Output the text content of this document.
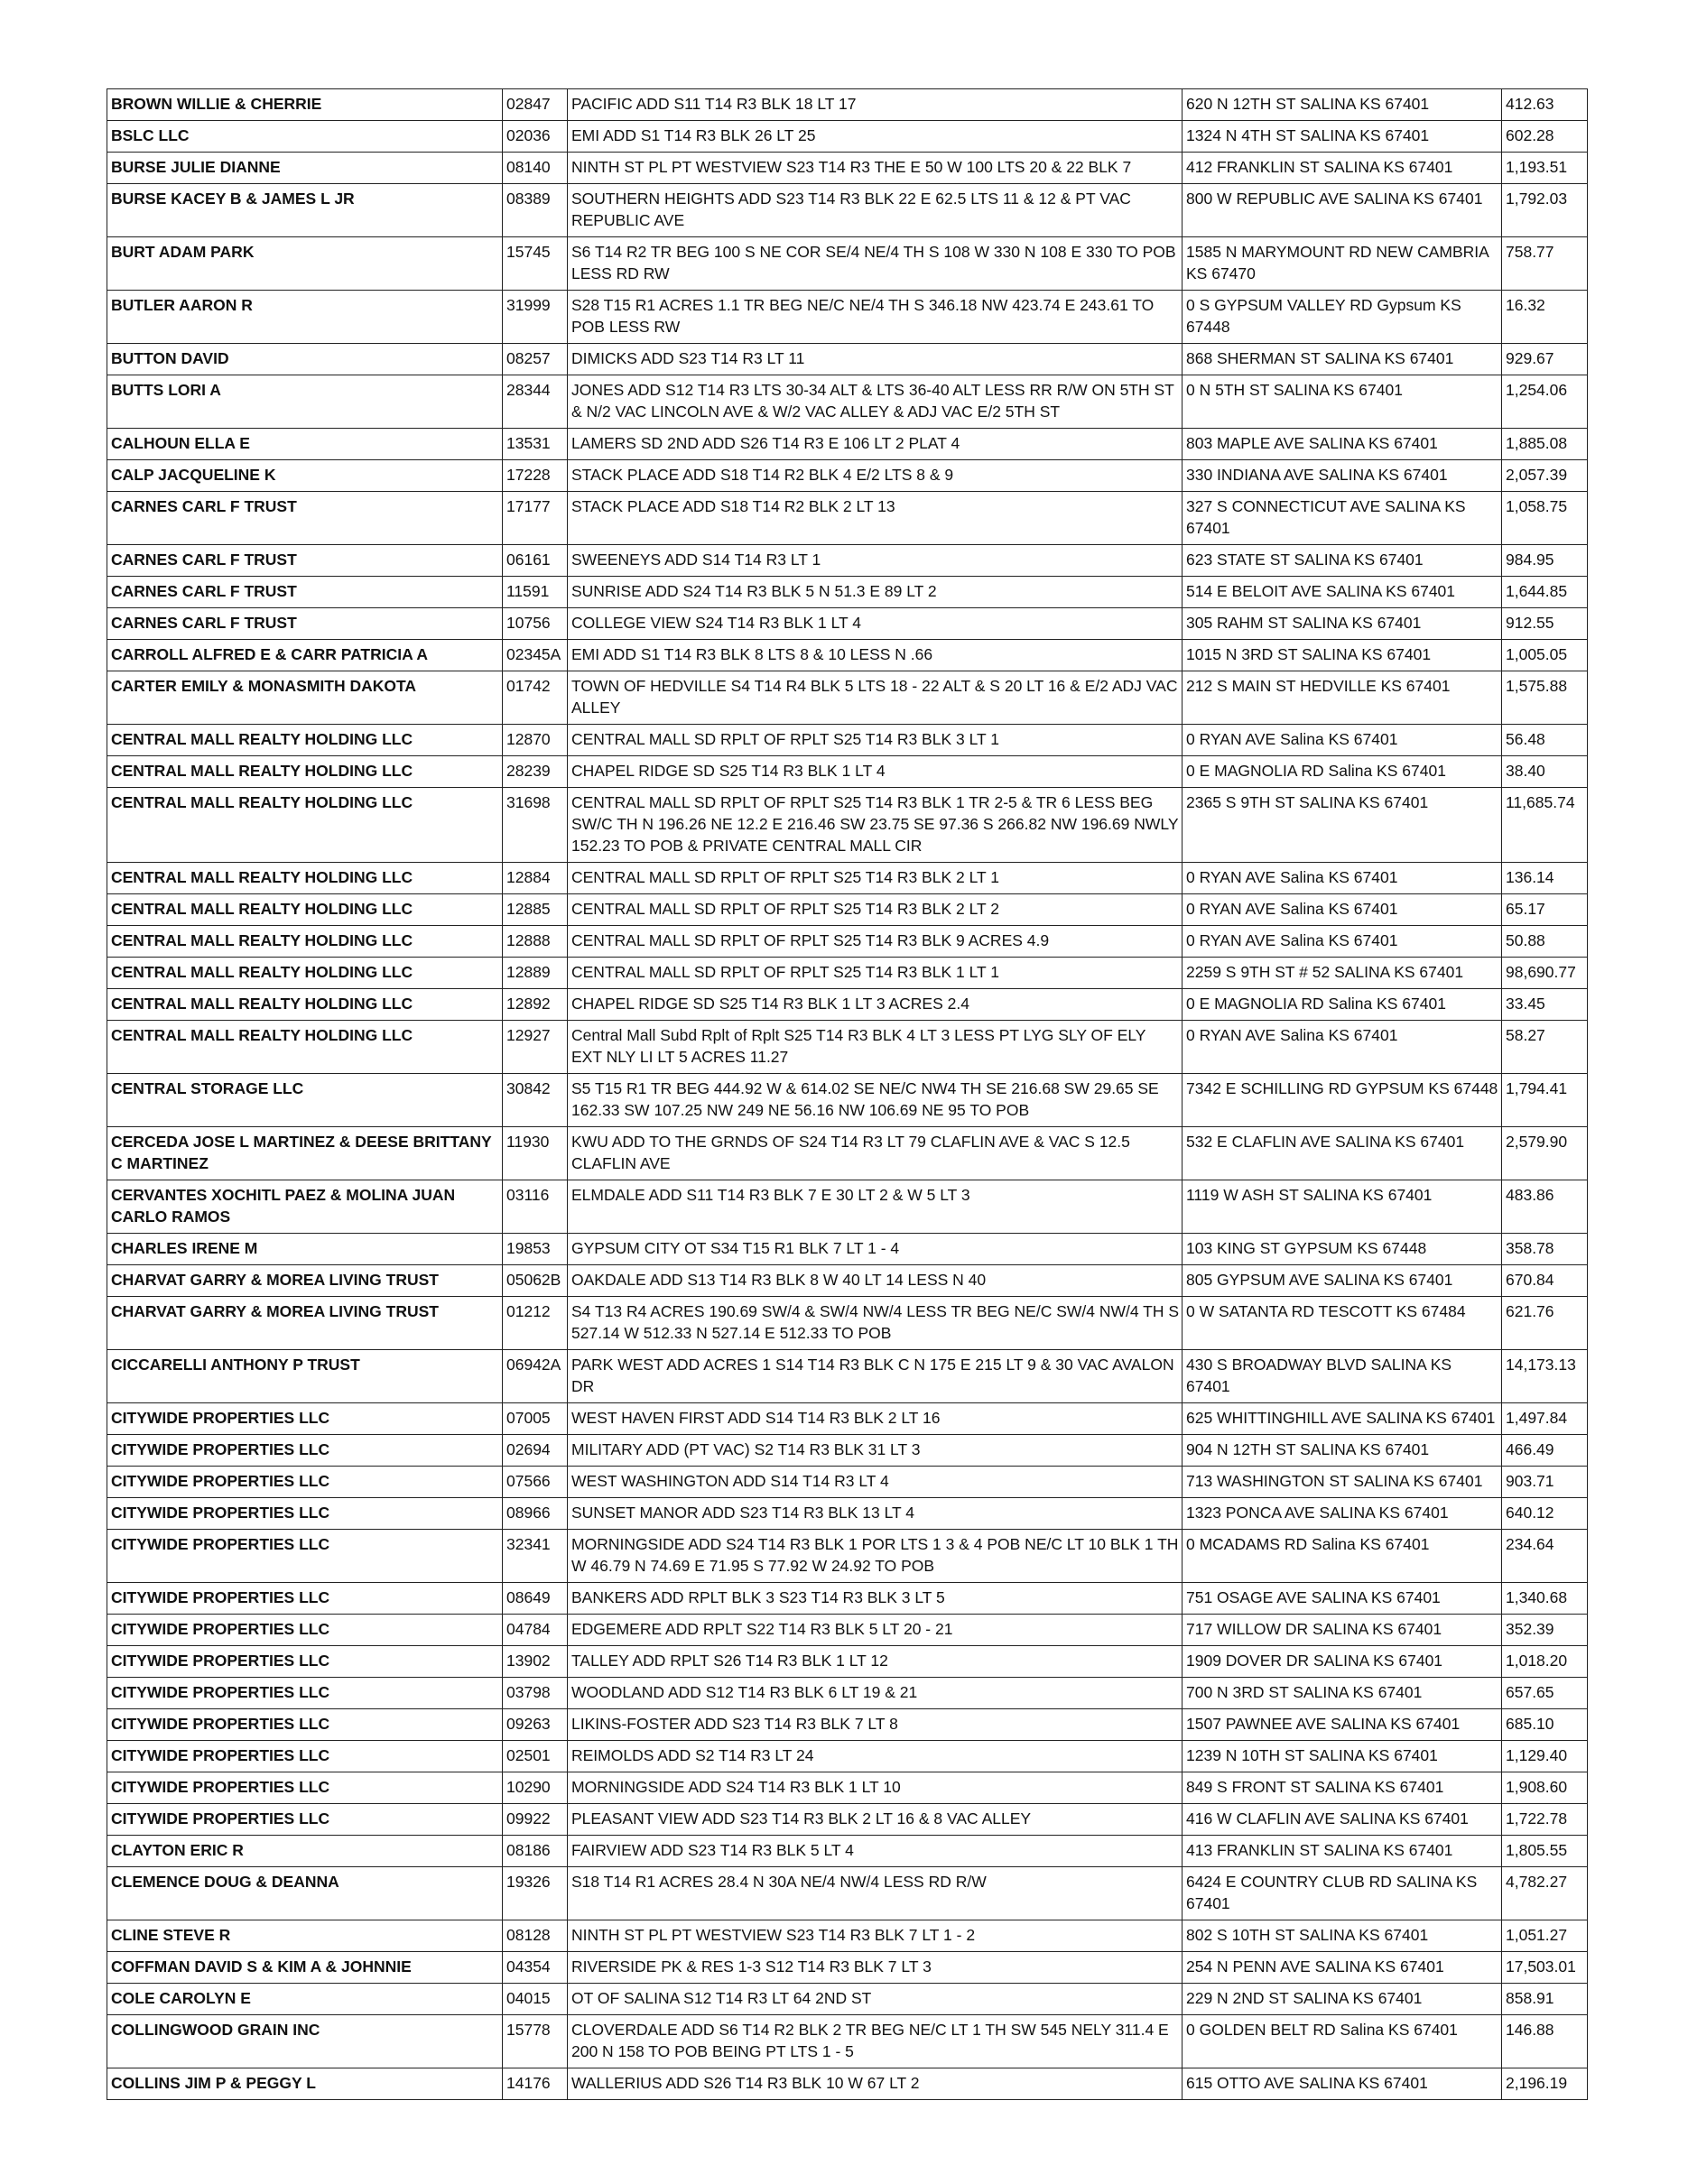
BROWN WILLIE & CHERRIE	02847	PACIFIC ADD S11 T14 R3 BLK 18 LT 17	620 N 12TH ST SALINA KS 67401	412.63
BSLC LLC	02036	EMI ADD S1 T14 R3 BLK 26 LT 25	1324 N 4TH ST SALINA KS 67401	602.28
BURSE JULIE DIANNE	08140	NINTH ST PL PT WESTVIEW S23 T14 R3 THE E 50 W 100 LTS 20 & 22 BLK 7	412 FRANKLIN ST SALINA KS 67401	1,193.51
BURSE KACEY B & JAMES L JR	08389	SOUTHERN HEIGHTS ADD S23 T14 R3 BLK 22 E 62.5 LTS 11 & 12 & PT VAC REPUBLIC AVE	800 W REPUBLIC AVE SALINA KS 67401	1,792.03
BURT ADAM PARK	15745	S6 T14 R2 TR BEG 100 S NE COR SE/4 NE/4 TH S 108 W 330 N 108 E 330 TO POB LESS RD RW	1585 N MARYMOUNT RD NEW CAMBRIA KS 67470	758.77
BUTLER AARON R	31999	S28 T15 R1 ACRES 1.1 TR BEG NE/C NE/4 TH S 346.18 NW 423.74 E 243.61 TO POB LESS RW	0 S GYPSUM VALLEY RD Gypsum KS 67448	16.32
BUTTON DAVID	08257	DIMICKS ADD S23 T14 R3 LT 11	868 SHERMAN ST SALINA KS 67401	929.67
BUTTS LORI A	28344	JONES ADD S12 T14 R3 LTS 30-34 ALT & LTS 36-40 ALT LESS RR R/W ON 5TH ST & N/2 VAC LINCOLN AVE & W/2 VAC ALLEY & ADJ VAC E/2 5TH ST	0 N 5TH ST SALINA KS 67401	1,254.06
CALHOUN ELLA E	13531	LAMERS SD 2ND ADD S26 T14 R3 E 106 LT 2 PLAT 4	803 MAPLE AVE SALINA KS 67401	1,885.08
CALP JACQUELINE K	17228	STACK PLACE ADD S18 T14 R2 BLK 4 E/2 LTS 8 & 9	330 INDIANA AVE SALINA KS 67401	2,057.39
CARNES CARL F TRUST	17177	STACK PLACE ADD S18 T14 R2 BLK 2 LT 13	327 S CONNECTICUT AVE SALINA KS 67401	1,058.75
CARNES CARL F TRUST	06161	SWEENEYS ADD S14 T14 R3 LT 1	623 STATE ST SALINA KS 67401	984.95
CARNES CARL F TRUST	11591	SUNRISE ADD S24 T14 R3 BLK 5 N 51.3 E 89 LT 2	514 E BELOIT AVE SALINA KS 67401	1,644.85
CARNES CARL F TRUST	10756	COLLEGE VIEW S24 T14 R3 BLK 1 LT 4	305 RAHM ST SALINA KS 67401	912.55
CARROLL ALFRED E & CARR PATRICIA A	02345A	EMI ADD S1 T14 R3 BLK 8 LTS 8 & 10 LESS N .66	1015 N 3RD ST SALINA KS 67401	1,005.05
CARTER EMILY & MONASMITH DAKOTA	01742	TOWN OF HEDVILLE S4 T14 R4 BLK 5 LTS 18 - 22 ALT & S 20 LT 16 & E/2 ADJ VAC ALLEY	212 S MAIN ST HEDVILLE KS 67401	1,575.88
CENTRAL MALL REALTY HOLDING LLC	12870	CENTRAL MALL SD RPLT OF RPLT S25 T14 R3 BLK 3 LT 1	0 RYAN AVE Salina KS 67401	56.48
CENTRAL MALL REALTY HOLDING LLC	28239	CHAPEL RIDGE SD S25 T14 R3 BLK 1 LT 4	0 E MAGNOLIA RD Salina KS 67401	38.40
CENTRAL MALL REALTY HOLDING LLC	31698	CENTRAL MALL SD RPLT OF RPLT S25 T14 R3 BLK 1 TR 2-5 & TR 6 LESS BEG SW/C TH N 196.26 NE 12.2 E 216.46 SW 23.75 SE 97.36 S 266.82 NW 196.69 NWLY 152.23 TO POB & PRIVATE CENTRAL MALL CIR	2365 S 9TH ST SALINA KS 67401	11,685.74
CENTRAL MALL REALTY HOLDING LLC	12884	CENTRAL MALL SD RPLT OF RPLT S25 T14 R3 BLK 2 LT 1	0 RYAN AVE Salina KS 67401	136.14
CENTRAL MALL REALTY HOLDING LLC	12885	CENTRAL MALL SD RPLT OF RPLT S25 T14 R3 BLK 2 LT 2	0 RYAN AVE Salina KS 67401	65.17
CENTRAL MALL REALTY HOLDING LLC	12888	CENTRAL MALL SD RPLT OF RPLT S25 T14 R3 BLK 9 ACRES 4.9	0 RYAN AVE Salina KS 67401	50.88
CENTRAL MALL REALTY HOLDING LLC	12889	CENTRAL MALL SD RPLT OF RPLT S25 T14 R3 BLK 1 LT 1	2259 S 9TH ST # 52 SALINA KS 67401	98,690.77
CENTRAL MALL REALTY HOLDING LLC	12892	CHAPEL RIDGE SD S25 T14 R3 BLK 1 LT 3 ACRES 2.4	0 E MAGNOLIA RD Salina KS 67401	33.45
CENTRAL MALL REALTY HOLDING LLC	12927	Central Mall Subd Rplt of Rplt S25 T14 R3 BLK 4 LT 3 LESS PT LYG SLY OF ELY EXT NLY LI LT 5 ACRES 11.27	0 RYAN AVE Salina KS 67401	58.27
CENTRAL STORAGE LLC	30842	S5 T15 R1 TR BEG 444.92 W & 614.02 SE NE/C NW4 TH SE 216.68 SW 29.65 SE 162.33 SW 107.25 NW 249 NE 56.16 NW 106.69 NE 95 TO POB	7342 E SCHILLING RD GYPSUM KS 67448	1,794.41
CERCEDA JOSE L MARTINEZ & DEESE BRITTANY C MARTINEZ	11930	KWU ADD TO THE GRNDS OF S24 T14 R3 LT 79 CLAFLIN AVE & VAC S 12.5 CLAFLIN AVE	532 E CLAFLIN AVE SALINA KS 67401	2,579.90
CERVANTES XOCHITL PAEZ & MOLINA JUAN CARLO RAMOS	03116	ELMDALE ADD S11 T14 R3 BLK 7 E 30 LT 2 & W 5 LT 3	1119 W ASH ST SALINA KS 67401	483.86
CHARLES IRENE M	19853	GYPSUM CITY OT S34 T15 R1 BLK 7 LT 1 - 4	103 KING ST GYPSUM KS 67448	358.78
CHARVAT GARRY & MOREA LIVING TRUST	05062B	OAKDALE ADD S13 T14 R3 BLK 8 W 40 LT 14 LESS N 40	805 GYPSUM AVE SALINA KS 67401	670.84
CHARVAT GARRY & MOREA LIVING TRUST	01212	S4 T13 R4 ACRES 190.69 SW/4 & SW/4 NW/4 LESS TR BEG NE/C SW/4 NW/4 TH S 527.14 W 512.33 N 527.14 E 512.33 TO POB	0 W SATANTA RD TESCOTT KS 67484	621.76
CICCARELLI ANTHONY P TRUST	06942A	PARK WEST ADD ACRES 1 S14 T14 R3 BLK C N 175 E 215 LT 9 & 30 VAC AVALON DR	430 S BROADWAY BLVD SALINA KS 67401	14,173.13
CITYWIDE PROPERTIES LLC	07005	WEST HAVEN FIRST ADD S14 T14 R3 BLK 2 LT 16	625 WHITTINGHILL AVE SALINA KS 67401	1,497.84
CITYWIDE PROPERTIES LLC	02694	MILITARY ADD (PT VAC) S2 T14 R3 BLK 31 LT 3	904 N 12TH ST SALINA KS 67401	466.49
CITYWIDE PROPERTIES LLC	07566	WEST WASHINGTON ADD S14 T14 R3 LT 4	713 WASHINGTON ST SALINA KS 67401	903.71
CITYWIDE PROPERTIES LLC	08966	SUNSET MANOR ADD S23 T14 R3 BLK 13 LT 4	1323 PONCA AVE SALINA KS 67401	640.12
CITYWIDE PROPERTIES LLC	32341	MORNINGSIDE ADD S24 T14 R3 BLK 1 POR LTS 1 3 & 4 POB NE/C LT 10 BLK 1 TH W 46.79 N 74.69 E 71.95 S 77.92 W 24.92 TO POB	0 MCADAMS RD Salina KS 67401	234.64
CITYWIDE PROPERTIES LLC	08649	BANKERS ADD RPLT BLK 3 S23 T14 R3 BLK 3 LT 5	751 OSAGE AVE SALINA KS 67401	1,340.68
CITYWIDE PROPERTIES LLC	04784	EDGEMERE ADD RPLT S22 T14 R3 BLK 5 LT 20 - 21	717 WILLOW DR SALINA KS 67401	352.39
CITYWIDE PROPERTIES LLC	13902	TALLEY ADD RPLT S26 T14 R3 BLK 1 LT 12	1909 DOVER DR SALINA KS 67401	1,018.20
CITYWIDE PROPERTIES LLC	03798	WOODLAND ADD S12 T14 R3 BLK 6 LT 19 & 21	700 N 3RD ST SALINA KS 67401	657.65
CITYWIDE PROPERTIES LLC	09263	LIKINS-FOSTER ADD S23 T14 R3 BLK 7 LT 8	1507 PAWNEE AVE SALINA KS 67401	685.10
CITYWIDE PROPERTIES LLC	02501	REIMOLDS ADD S2 T14 R3 LT 24	1239 N 10TH ST SALINA KS 67401	1,129.40
CITYWIDE PROPERTIES LLC	10290	MORNINGSIDE ADD S24 T14 R3 BLK 1 LT 10	849 S FRONT ST SALINA KS 67401	1,908.60
CITYWIDE PROPERTIES LLC	09922	PLEASANT VIEW ADD S23 T14 R3 BLK 2 LT 16 & 8 VAC ALLEY	416 W CLAFLIN AVE SALINA KS 67401	1,722.78
CLAYTON ERIC R	08186	FAIRVIEW ADD S23 T14 R3 BLK 5 LT 4	413 FRANKLIN ST SALINA KS 67401	1,805.55
CLEMENCE DOUG & DEANNA	19326	S18 T14 R1 ACRES 28.4 N 30A NE/4 NW/4 LESS RD R/W	6424 E COUNTRY CLUB RD SALINA KS 67401	4,782.27
CLINE STEVE R	08128	NINTH ST PL PT WESTVIEW S23 T14 R3 BLK 7 LT 1 - 2	802 S 10TH ST SALINA KS 67401	1,051.27
COFFMAN DAVID S & KIM A & JOHNNIE	04354	RIVERSIDE PK & RES 1-3 S12 T14 R3 BLK 7 LT 3	254 N PENN AVE SALINA KS 67401	17,503.01
COLE CAROLYN E	04015	OT OF SALINA S12 T14 R3 LT 64 2ND ST	229 N 2ND ST SALINA KS 67401	858.91
COLLINGWOOD GRAIN INC	15778	CLOVERDALE ADD S6 T14 R2 BLK 2 TR BEG NE/C LT 1 TH SW 545 NELY 311.4 E 200 N 158 TO POB BEING PT LTS 1 - 5	0 GOLDEN BELT RD Salina KS 67401	146.88
COLLINS JIM P & PEGGY L	14176	WALLERIUS ADD S26 T14 R3 BLK 10 W 67 LT 2	615 OTTO AVE SALINA KS 67401	2,196.19
